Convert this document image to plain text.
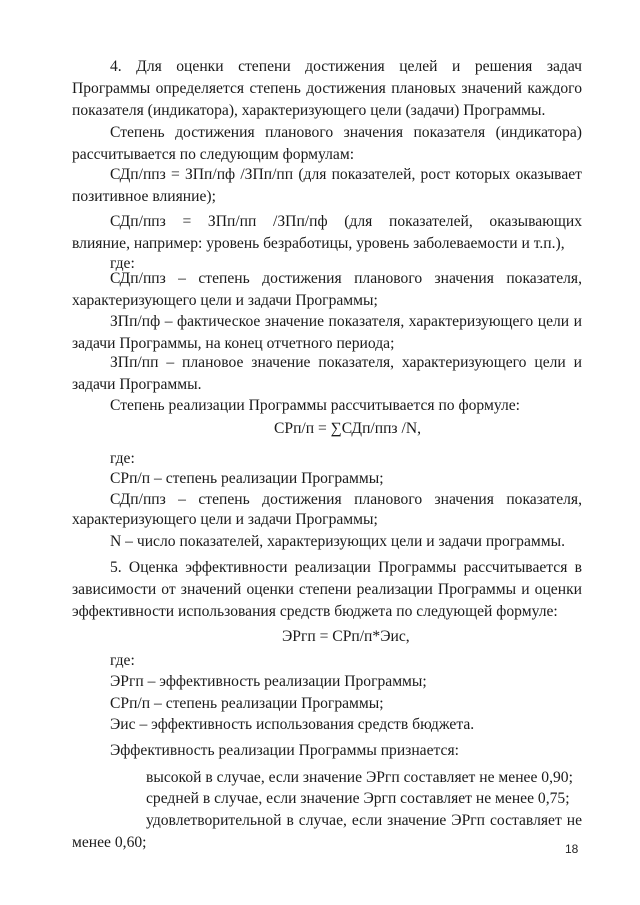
4. Для оценки степени достижения целей и решения задач
Программы определяется степень достижения плановых значений каждого
показателя (индикатора), характеризующего цели (задачи) Программы.
Степень достижения планового значения показателя (индикатора)
рассчитывается по следующим формулам:
СДп/ппз = ЗПп/пф /ЗПп/пп (для показателей, рост которых оказывает
позитивное влияние);
СДп/ппз = ЗПп/пп /ЗПп/пф (для показателей, оказывающих
влияние, например: уровень безработицы, уровень заболеваемости и т.п.),
где:
СДп/ппз – степень достижения планового значения показателя,
характеризующего цели и задачи Программы;
ЗПп/пф – фактическое значение показателя, характеризующего цели и
задачи Программы, на конец отчетного периода;
ЗПп/пп – плановое значение показателя, характеризующего цели и
задачи Программы.
Степень реализации Программы рассчитывается по формуле:
СРп/п = ∑СДп/ппз /N,
где:
СРп/п – степень реализации Программы;
СДп/ппз – степень достижения планового значения показателя,
характеризующего цели и задачи Программы;
N – число показателей, характеризующих цели и задачи программы.
5. Оценка эффективности реализации Программы рассчитывается в
зависимости от значений оценки степени реализации Программы и оценки
эффективности использования средств бюджета по следующей формуле:
ЭРгп = СРп/п*Эис,
где:
ЭРгп – эффективность реализации Программы;
СРп/п – степень реализации Программы;
Эис – эффективность использования средств бюджета.
Эффективность реализации Программы признается:
высокой в случае, если значение ЭРгп составляет не менее 0,90;
средней в случае, если значение Эргп составляет не менее 0,75;
удовлетворительной в случае, если значение ЭРгп составляет не
менее 0,60;	18
